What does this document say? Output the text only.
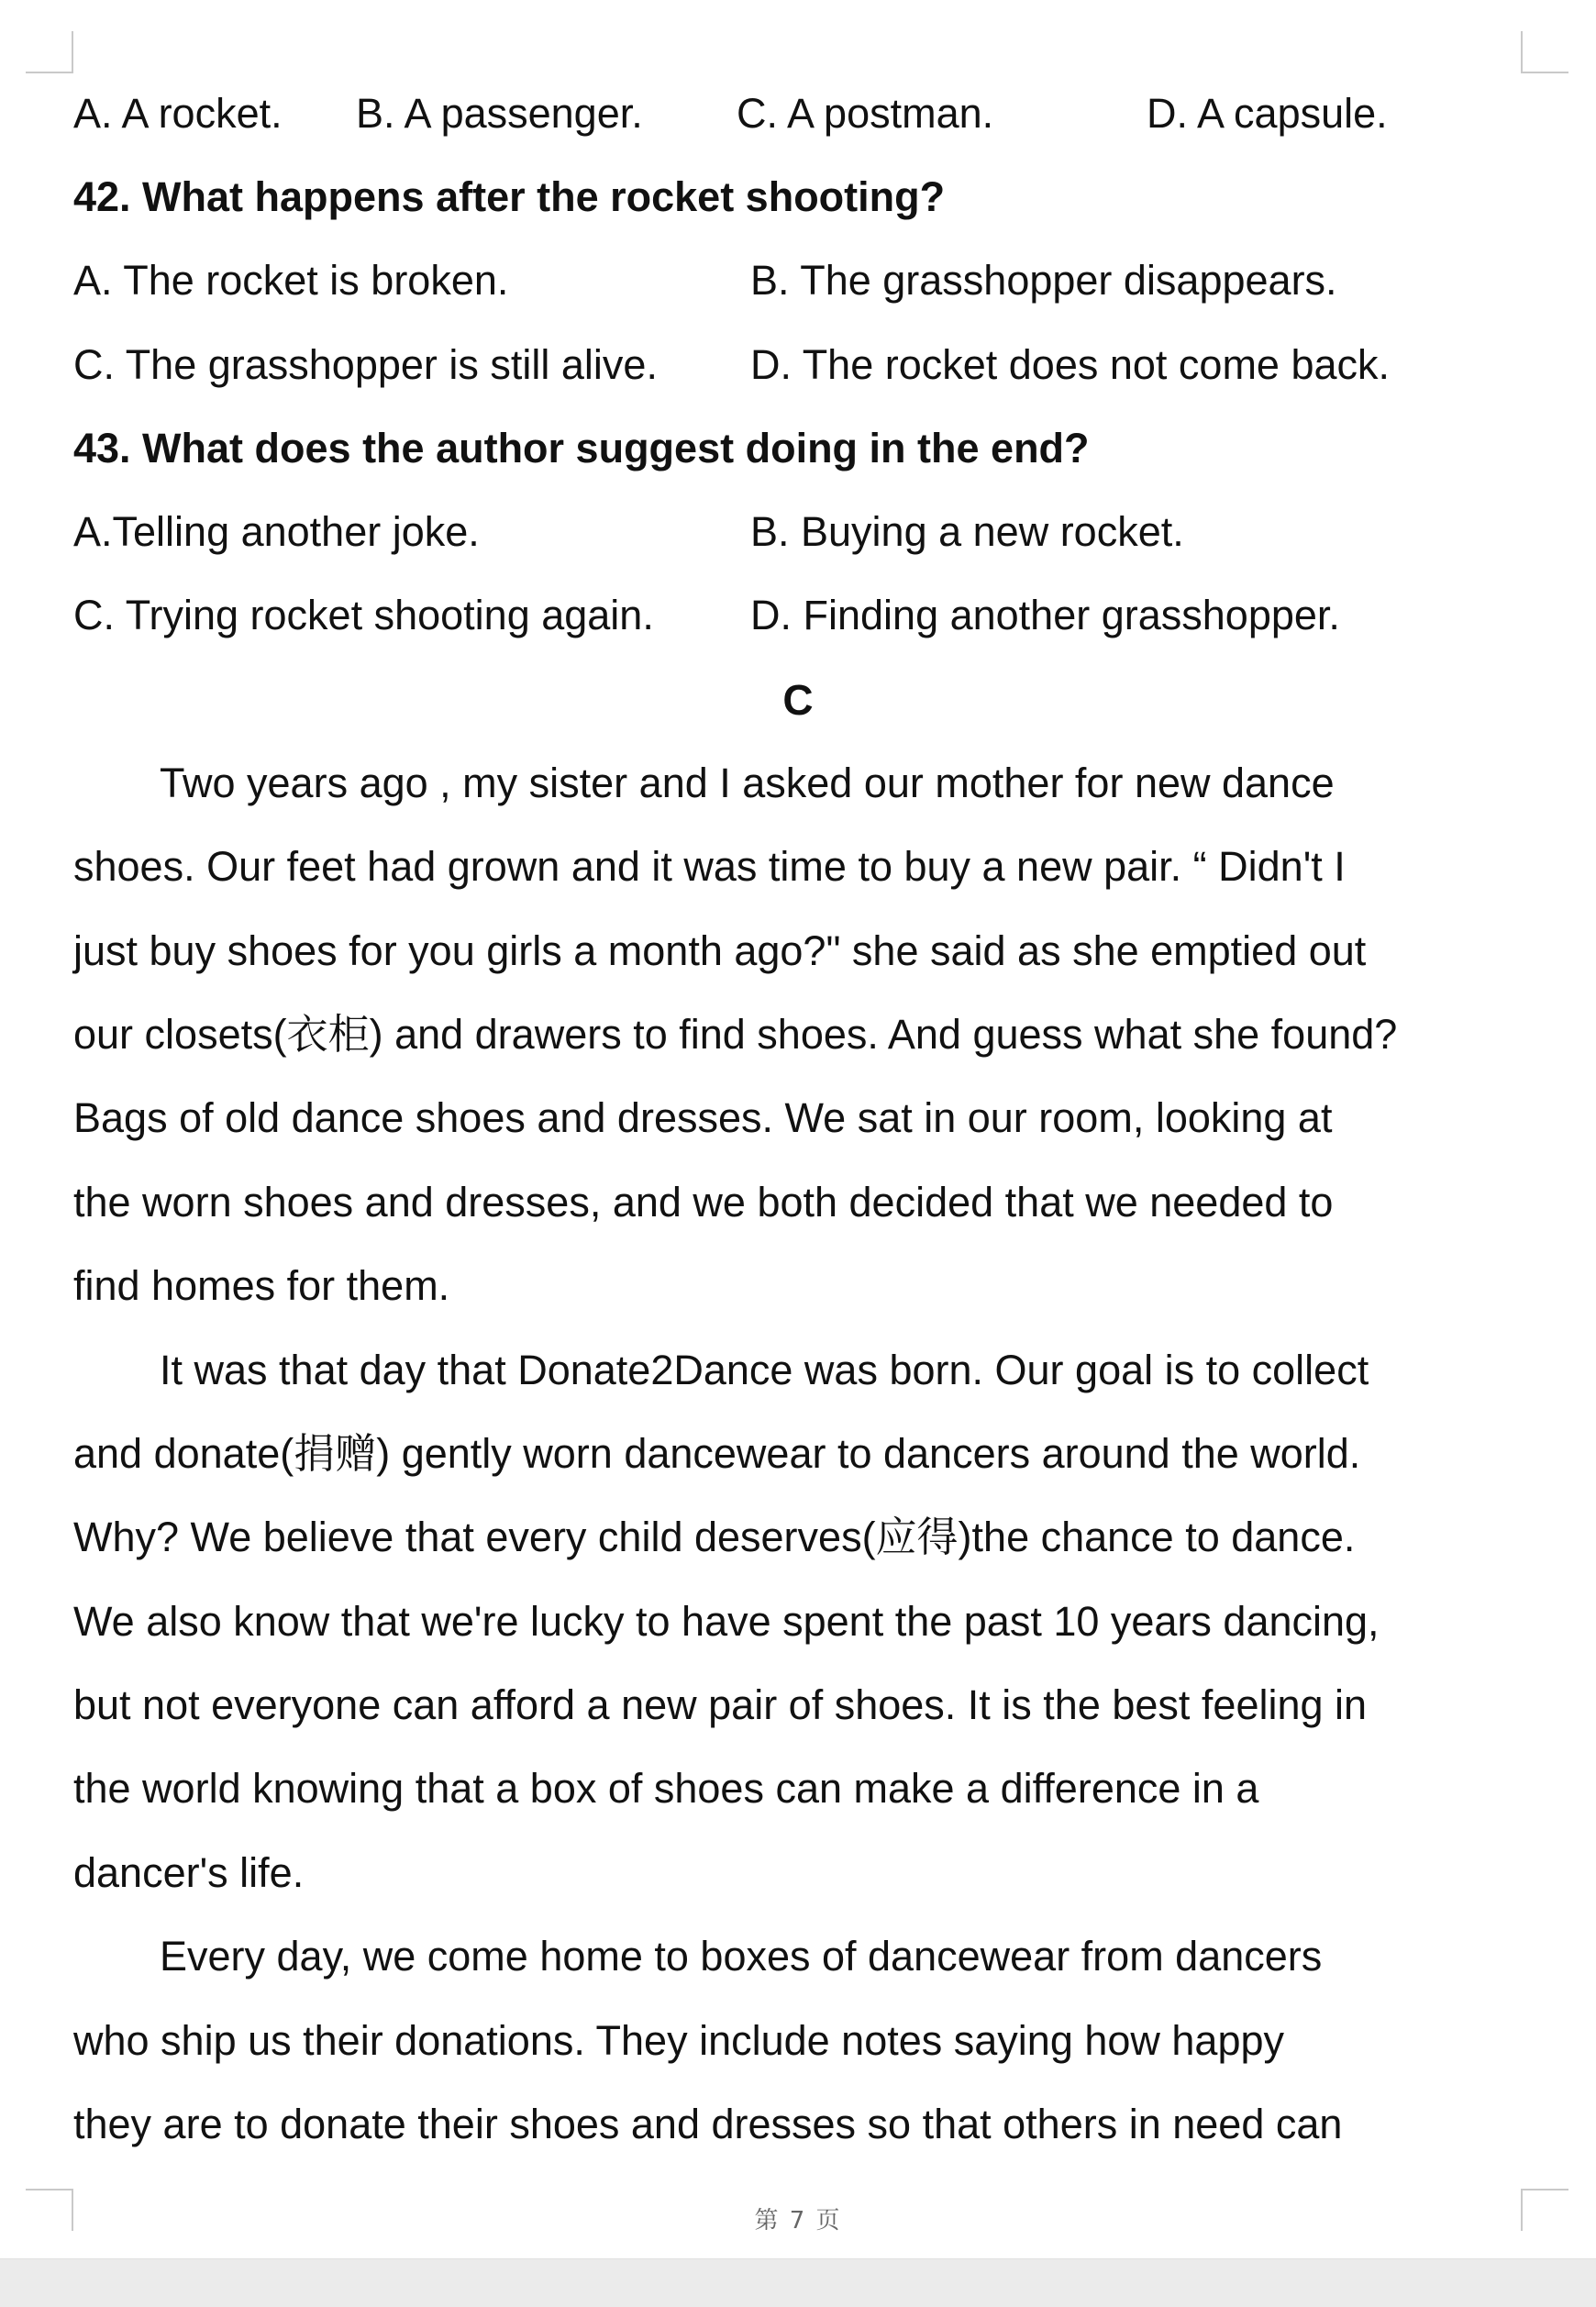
A. A rocket. B. A passenger. C. A postman.	D. A capsule.

42. What happens after the rocket shooting?

A. The rocket is broken.	B. The grasshopper disappears.
C. The grasshopper is still alive. D. The rocket does not come back.

43. What does the author suggest doing in the end?

A.Telling another joke.	B. Buying a new rocket.
C. Trying rocket shooting again. D. Finding another grasshopper.
C

Two years ago , my sister and I asked our mother for new dance

shoes. Our feet had grown and it was time to buy a new pair. “ Didn't I

just buy shoes for you girls a month ago?" she said as she emptied out

our closets(衣柜) and drawers to find shoes. And guess what she found?

Bags of old dance shoes and dresses. We sat in our room, looking at

the worn shoes and dresses, and we both decided that we needed to

find homes for them.

It was that day that Donate2Dance was born. Our goal is to collect

and donate(捐赠) gently worn dancewear to dancers around the world.

Why? We believe that every child deserves(应得)the chance to dance.

We also know that we're lucky to have spent the past 10 years dancing,

but not everyone can afford a new pair of shoes. It is the best feeling in

the world knowing that a box of shoes can make a difference in a

dancer's life.

Every day, we come home to boxes of dancewear from dancers

who ship us their donations. They include notes saying how happy

they are to donate their shoes and dresses so that others in need can

第 7 页
